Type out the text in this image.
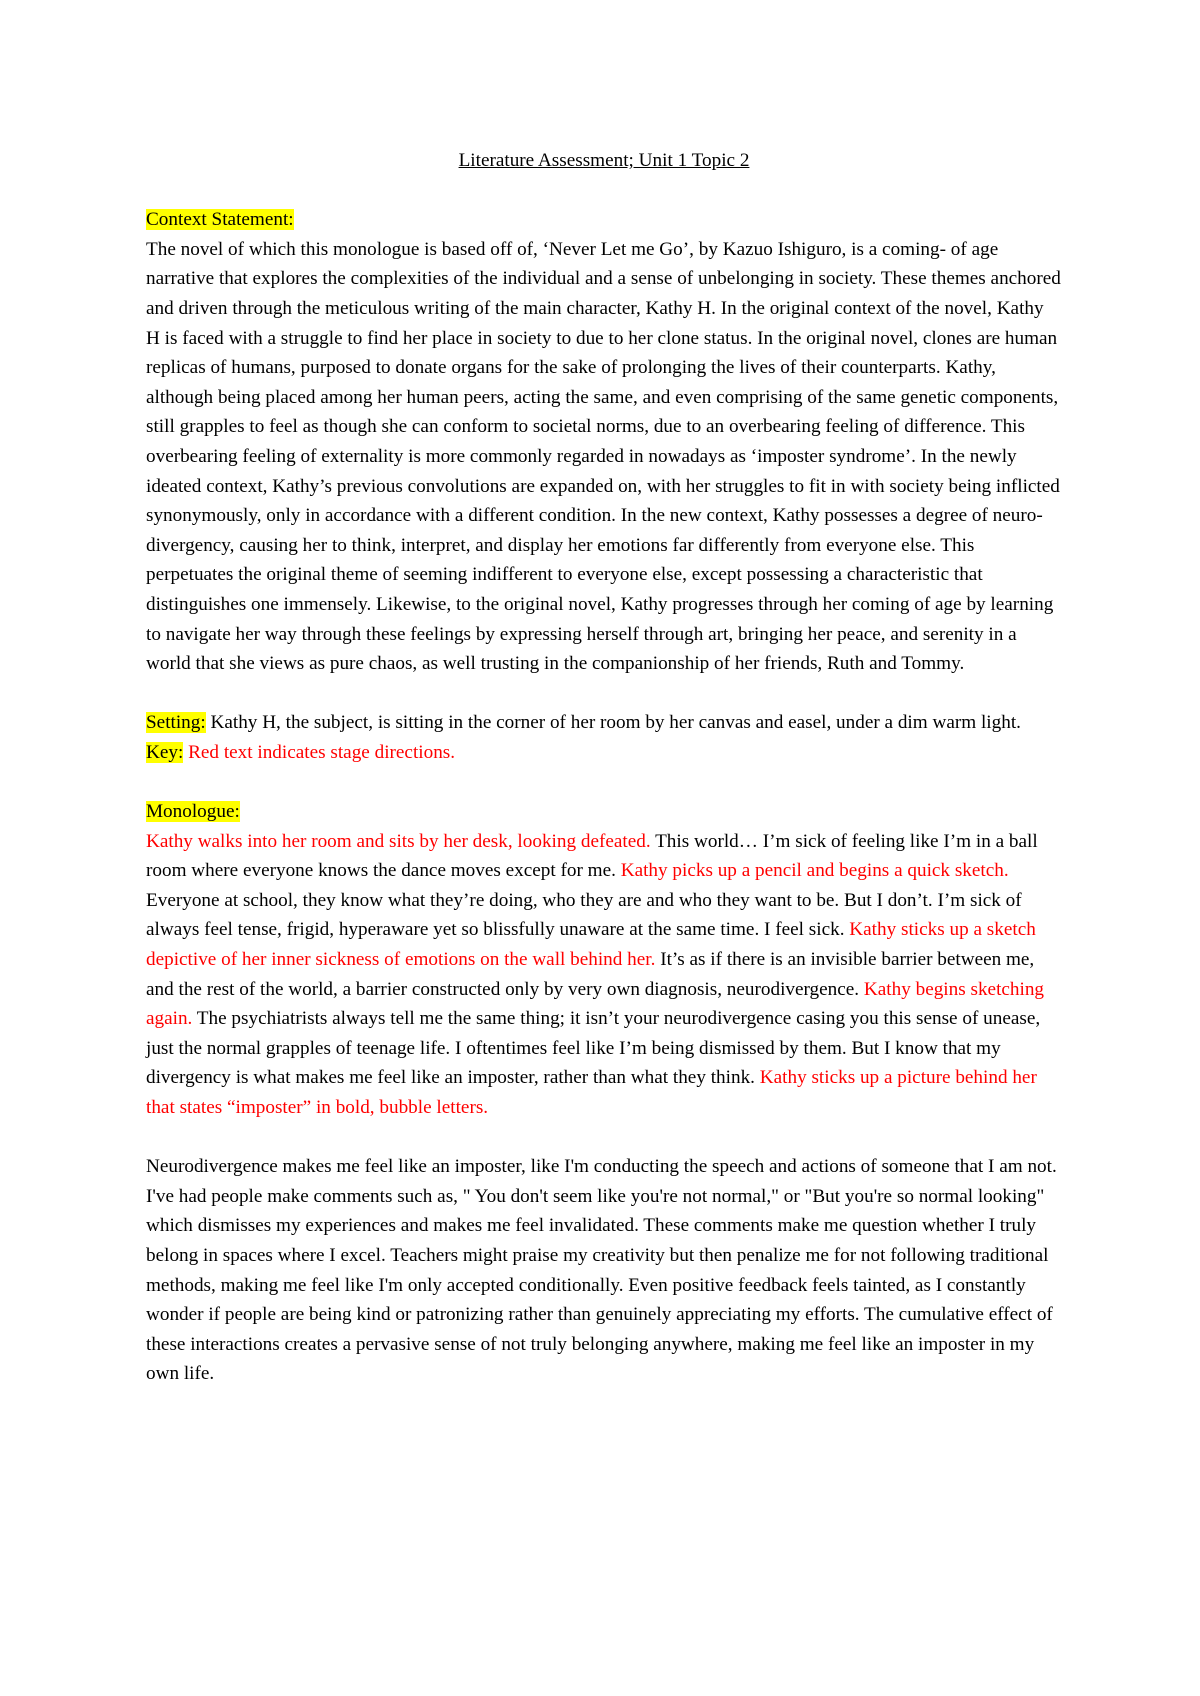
Literature Assessment; Unit 1 Topic 2

Context Statement:

The novel of which this monologue is based off of, ‘Never Let me Go’, by Kazuo Ishiguro, is a coming- of age narrative that explores the complexities of the individual and a sense of unbelonging in society. These themes anchored and driven through the meticulous writing of the main character, Kathy H. In the original context of the novel, Kathy H is faced with a struggle to find her place in society to due to her clone status. In the original novel, clones are human replicas of humans, purposed to donate organs for the sake of prolonging the lives of their counterparts. Kathy, although being placed among her human peers, acting the same, and even comprising of the same genetic components, still grapples to feel as though she can conform to societal norms, due to an overbearing feeling of difference. This overbearing feeling of externality is more commonly regarded in nowadays as ‘imposter syndrome’. In the newly ideated context, Kathy’s previous convolutions are expanded on, with her struggles to fit in with society being inflicted synonymously, only in accordance with a different condition. In the new context, Kathy possesses a degree of neuro- divergency, causing her to think, interpret, and display her emotions far differently from everyone else. This perpetuates the original theme of seeming indifferent to everyone else, except possessing a characteristic that distinguishes one immensely. Likewise, to the original novel, Kathy progresses through her coming of age by learning to navigate her way through these feelings by expressing herself through art, bringing her peace, and serenity in a world that she views as pure chaos, as well trusting in the companionship of her friends, Ruth and Tommy.

Setting: Kathy H, the subject, is sitting in the corner of her room by her canvas and easel, under a dim warm light. Key: Red text indicates stage directions.

Monologue:

Kathy walks into her room and sits by her desk, looking defeated. This world… I’m sick of feeling like I’m in a ball room where everyone knows the dance moves except for me. Kathy picks up a pencil and begins a quick sketch. Everyone at school, they know what they’re doing, who they are and who they want to be. But I don’t. I’m sick of always feel tense, frigid, hyperaware yet so blissfully unaware at the same time. I feel sick. Kathy sticks up a sketch depictive of her inner sickness of emotions on the wall behind her. It’s as if there is an invisible barrier between me, and the rest of the world, a barrier constructed only by very own diagnosis, neurodivergence. Kathy begins sketching again. The psychiatrists always tell me the same thing; it isn’t your neurodivergence casing you this sense of unease, just the normal grapples of teenage life. I oftentimes feel like I’m being dismissed by them. But I know that my divergency is what makes me feel like an imposter, rather than what they think. Kathy sticks up a picture behind her that states “imposter” in bold, bubble letters.

Neurodivergence makes me feel like an imposter, like I'm conducting the speech and actions of someone that I am not. I've had people make comments such as, " You don't seem like you're not normal," or "But you're so normal looking" which dismisses my experiences and makes me feel invalidated. These comments make me question whether I truly belong in spaces where I excel. Teachers might praise my creativity but then penalize me for not following traditional methods, making me feel like I'm only accepted conditionally. Even positive feedback feels tainted, as I constantly wonder if people are being kind or patronizing rather than genuinely appreciating my efforts. The cumulative effect of these interactions creates a pervasive sense of not truly belonging anywhere, making me feel like an imposter in my own life.
